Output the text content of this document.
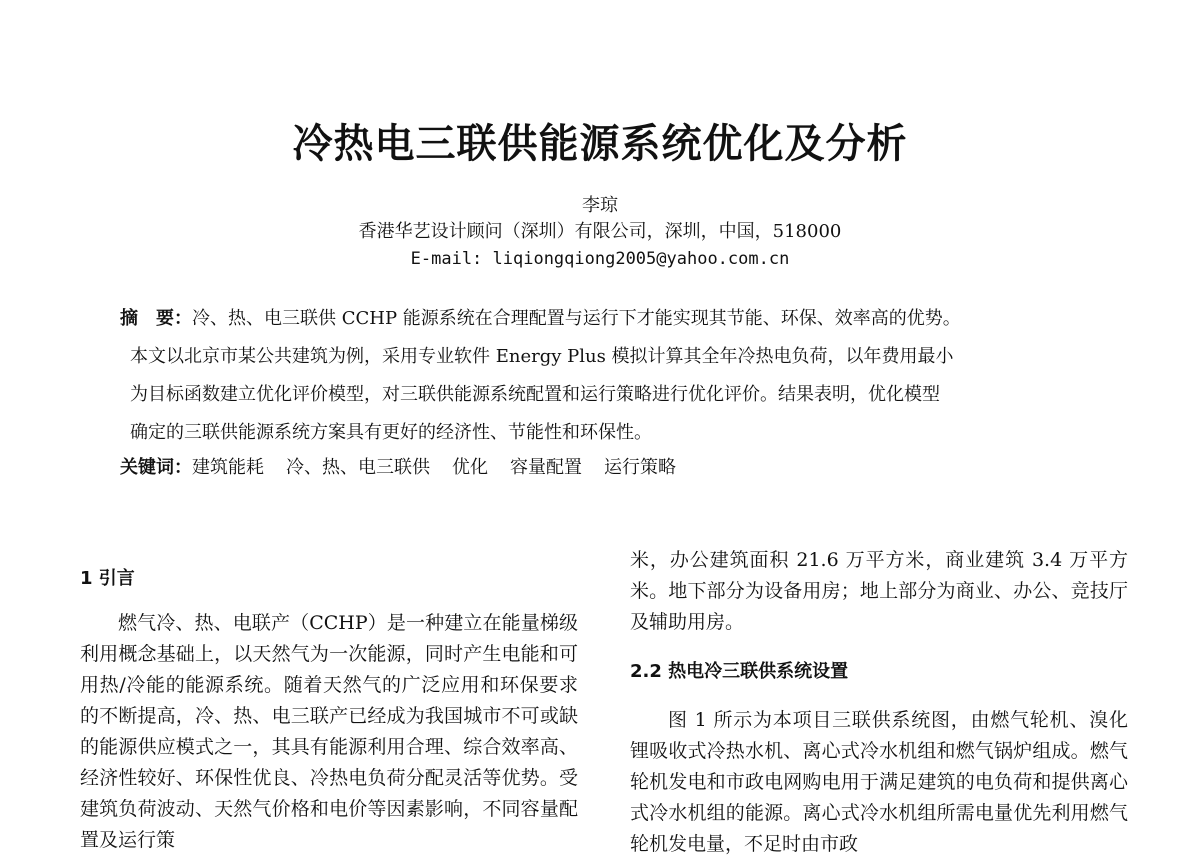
冷热电三联供能源系统优化及分析
李琼
香港华艺设计顾问（深圳）有限公司，深圳，中国，518000
E-mail: liqiongqiong2005@yahoo.com.cn
摘　要：冷、热、电三联供 CCHP 能源系统在合理配置与运行下才能实现其节能、环保、效率高的优势。
本文以北京市某公共建筑为例，采用专业软件 Energy Plus 模拟计算其全年冷热电负荷，以年费用最小
为目标函数建立优化评价模型，对三联供能源系统配置和运行策略进行优化评价。结果表明，优化模型
确定的三联供能源系统方案具有更好的经济性、节能性和环保性。
关键词：建筑能耗 冷、热、电三联供 优化 容量配置 运行策略

1 引言

燃气冷、热、电联产（CCHP）是一种建立在能量梯级利用概念基础上，以天然气为一次能源，同时产生电能和可用热/冷能的能源系统。随着天然气的广泛应用和环保要求的不断提高，冷、热、电三联产已经成为我国城市不可或缺的能源供应模式之一，其具有能源利用合理、综合效率高、经济性较好、环保性优良、冷热电负荷分配灵活等优势。受建筑负荷波动、天然气价格和电价等因素影响，不同容量配置及运行策

米，办公建筑面积 21.6 万平方米，商业建筑 3.4 万平方米。地下部分为设备用房；地上部分为商业、办公、竞技厅及辅助用房。

2.2 热电冷三联供系统设置

图 1 所示为本项目三联供系统图，由燃气轮机、溴化锂吸收式冷热水机、离心式冷水机组和燃气锅炉组成。燃气轮机发电和市政电网购电用于满足建筑的电负荷和提供离心式冷水机组的能源。离心式冷水机组所需电量优先利用燃气轮机发电量，不足时由市政
